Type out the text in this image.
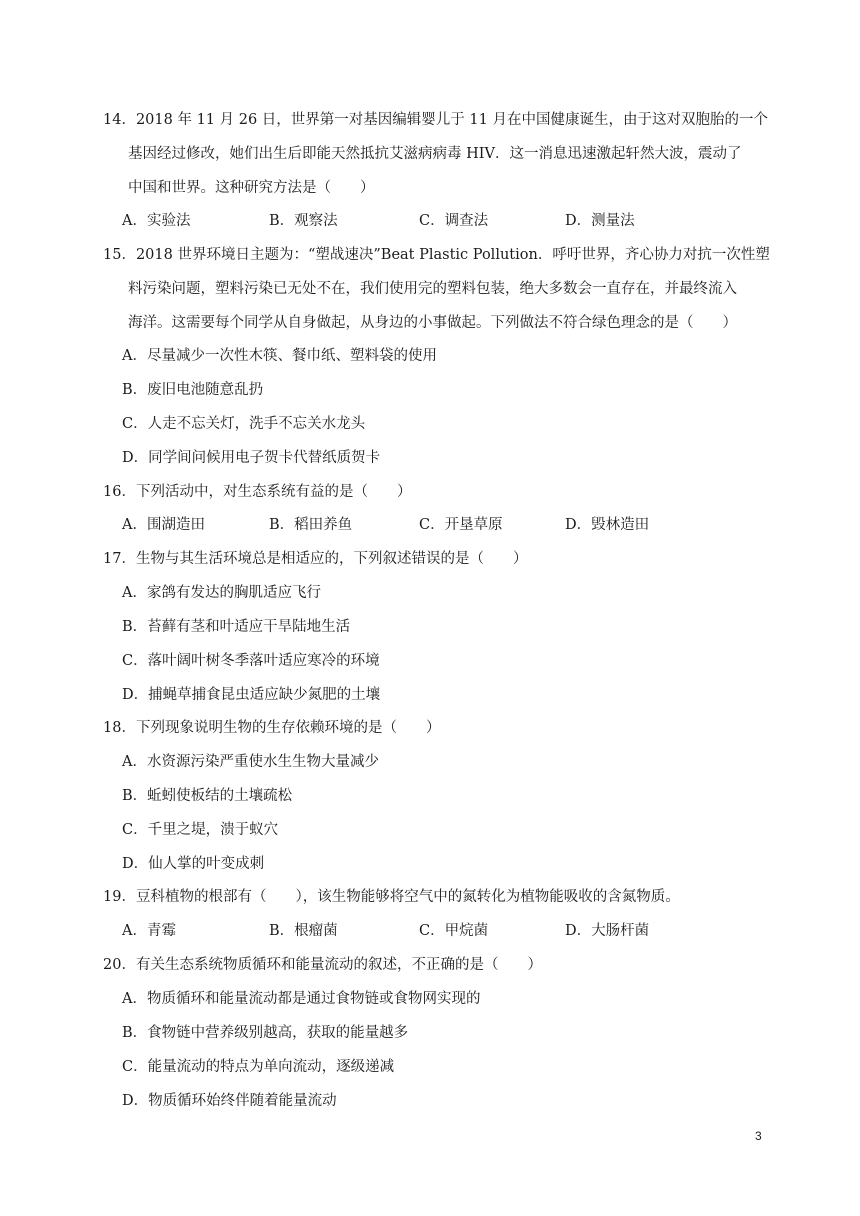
14．2018 年 11 月 26 日，世界第一对基因编辑婴儿于 11 月在中国健康诞生，由于这对双胞胎的一个
基因经过修改，她们出生后即能天然抵抗艾滋病病毒 HIV．这一消息迅速激起轩然大波，震动了
中国和世界。这种研究方法是（　　）
A．实验法	B．观察法	C．调查法	D．测量法
15．2018 世界环境日主题为：“塑战速决”Beat Plastic Pollution．呼吁世界，齐心协力对抗一次性塑
料污染问题，塑料污染已无处不在，我们使用完的塑料包装，绝大多数会一直存在，并最终流入
海洋。这需要每个同学从自身做起，从身边的小事做起。下列做法不符合绿色理念的是（　　）
A．尽量减少一次性木筷、餐巾纸、塑料袋的使用
B．废旧电池随意乱扔
C．人走不忘关灯，洗手不忘关水龙头
D．同学间问候用电子贺卡代替纸质贺卡
16．下列活动中，对生态系统有益的是（　　）
A．围湖造田	B．稻田养鱼	C．开垦草原	D．毁林造田
17．生物与其生活环境总是相适应的，下列叙述错误的是（　　）
A．家鸽有发达的胸肌适应飞行
B．苔藓有茎和叶适应干旱陆地生活
C．落叶阔叶树冬季落叶适应寒冷的环境
D．捕蝇草捕食昆虫适应缺少氮肥的土壤
18．下列现象说明生物的生存依赖环境的是（　　）
A．水资源污染严重使水生生物大量减少
B．蚯蚓使板结的土壤疏松
C．千里之堤，溃于蚁穴
D．仙人掌的叶变成刺
19．豆科植物的根部有（　　），该生物能够将空气中的氮转化为植物能吸收的含氮物质。
A．青霉	B．根瘤菌	C．甲烷菌	D．大肠杆菌
20．有关生态系统物质循环和能量流动的叙述，不正确的是（　　）
A．物质循环和能量流动都是通过食物链或食物网实现的
B．食物链中营养级别越高，获取的能量越多
C．能量流动的特点为单向流动，逐级递减
D．物质循环始终伴随着能量流动
3
